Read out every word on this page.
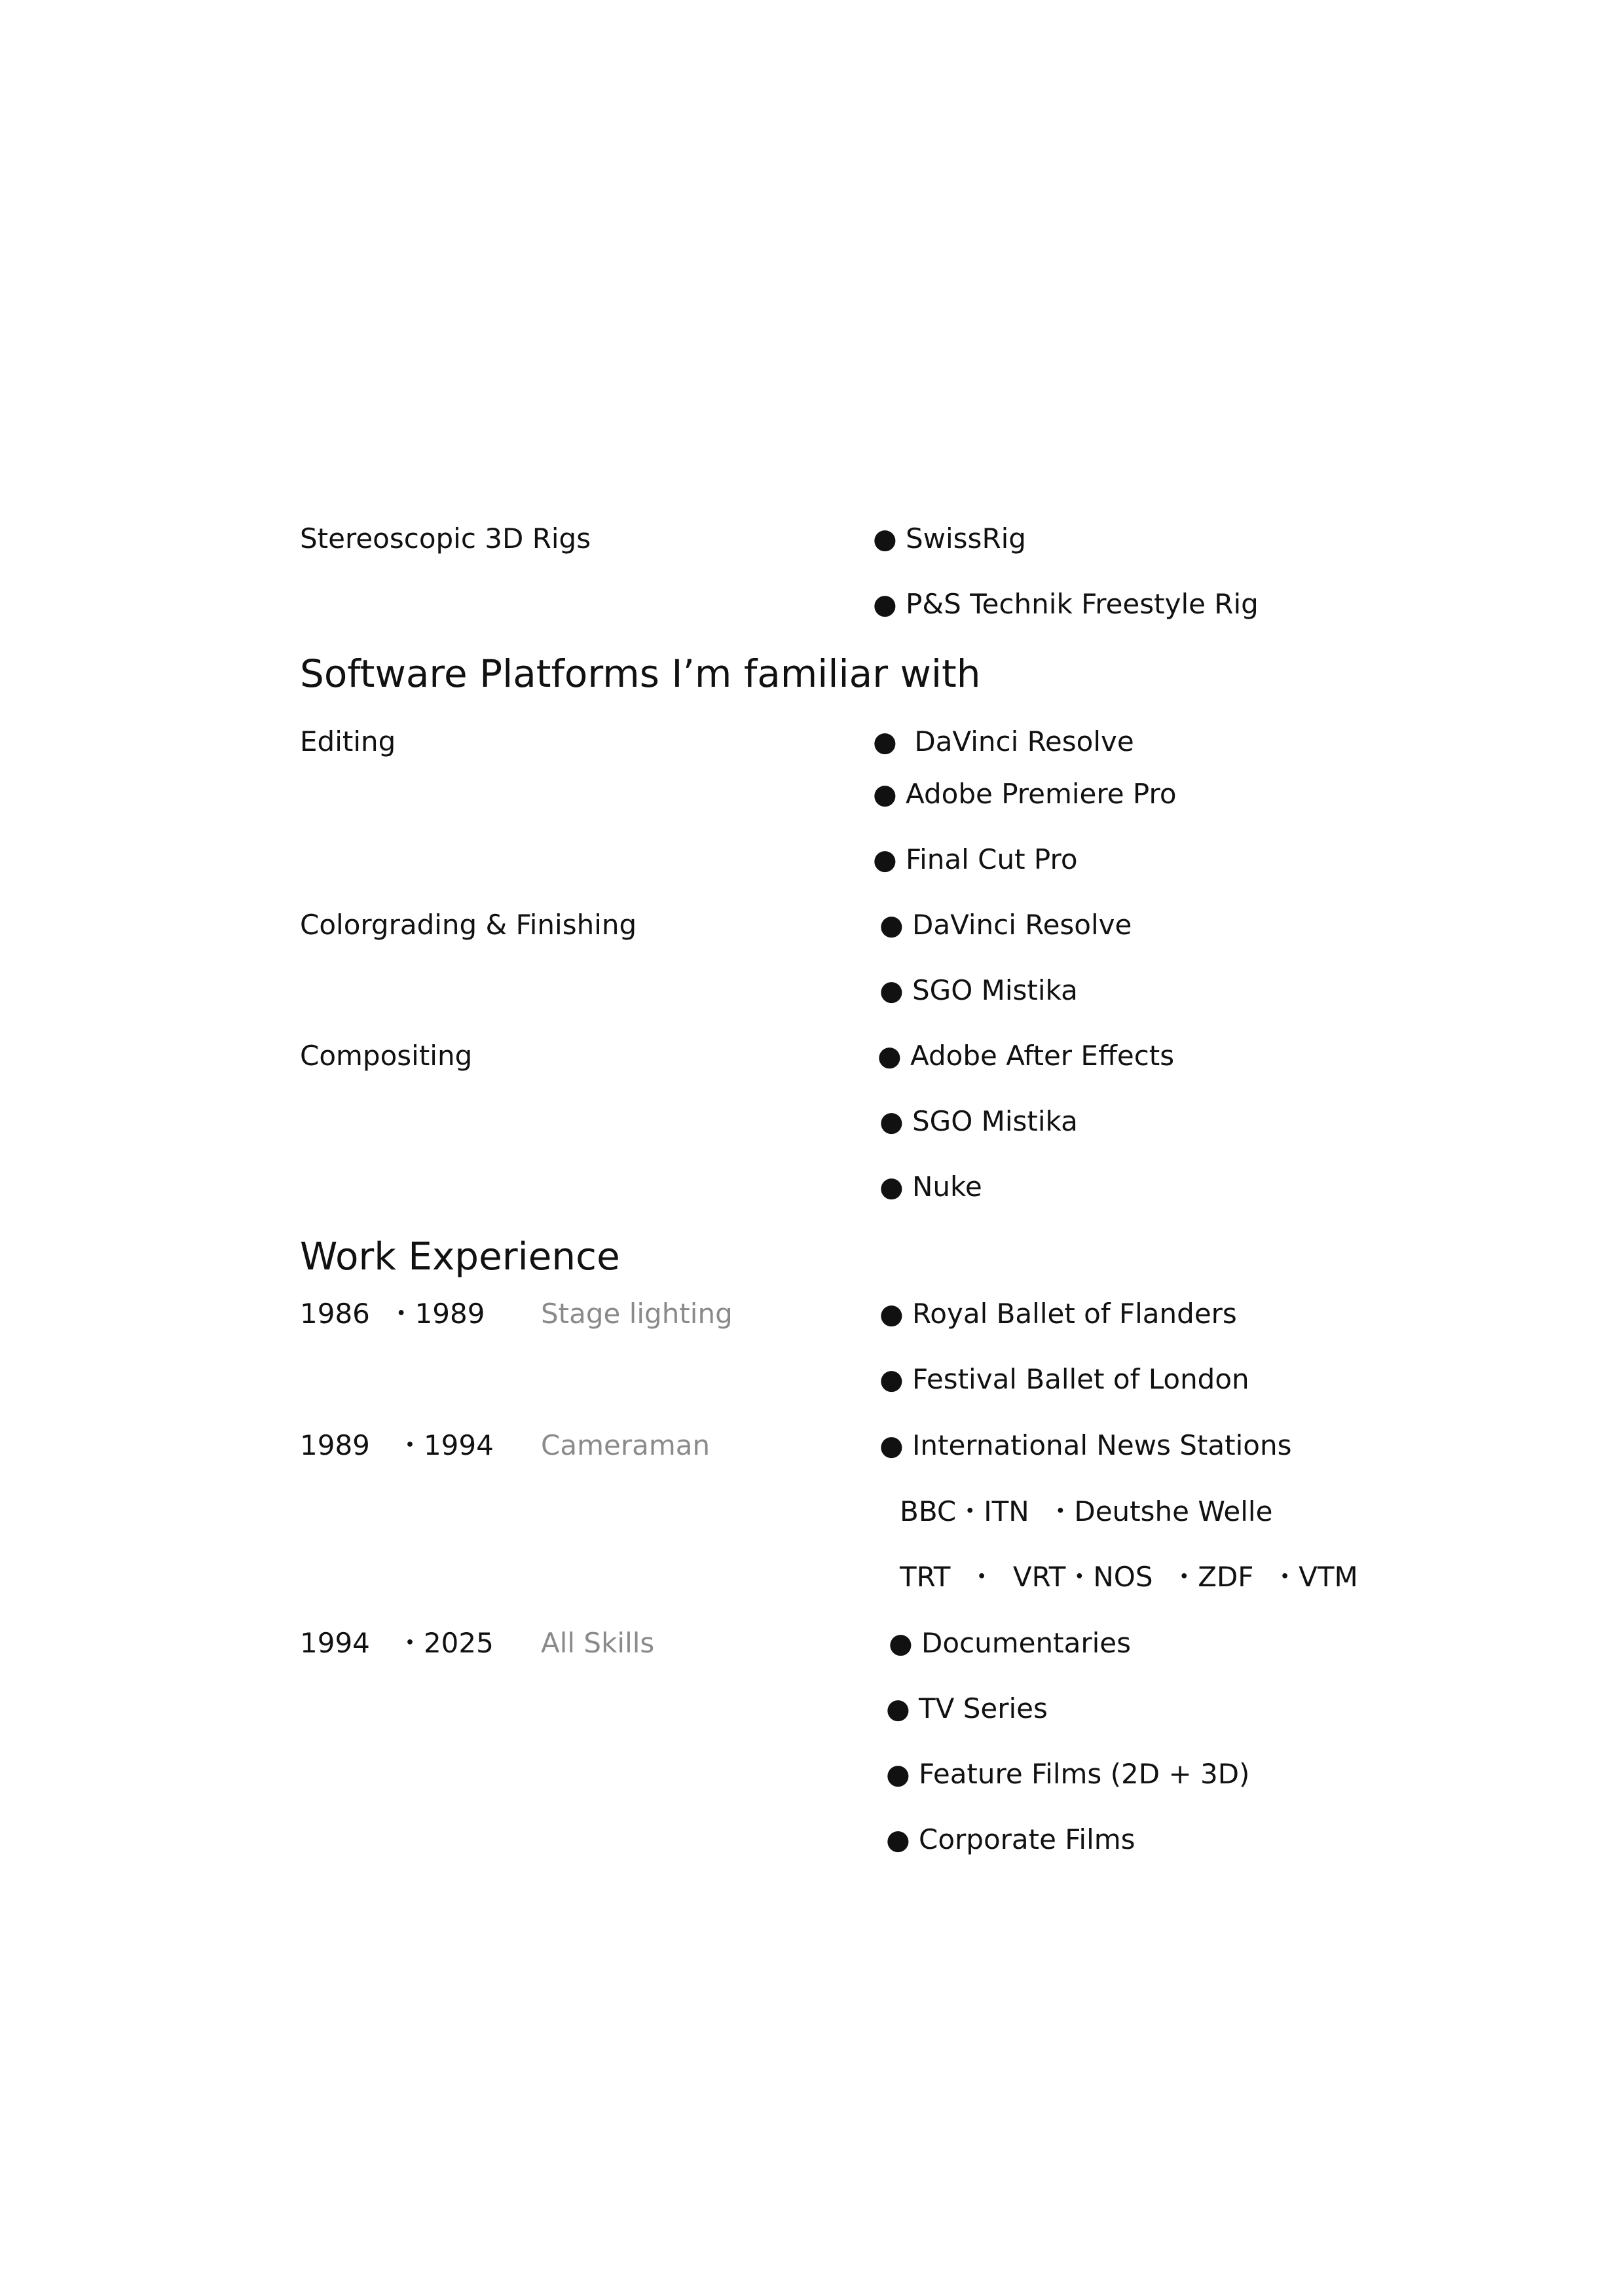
Stereoscopic 3D Rigs	● SwissRig
● P&S Technik Freestyle Rig
Software Platforms I’m familiar with
Editing	●  DaVinci Resolve
● Adobe Premiere Pro
● Final Cut Pro
Colorgrading & Finishing	● DaVinci Resolve
● SGO Mistika
Compositing	● Adobe After Effects
● SGO Mistika
● Nuke
Work Experience
1986  ・1989 Stage lighting	● Royal Ballet of Flanders
● Festival Ballet of London
1989   ・1994 Cameraman	● International News Stations
BBC・ITN  ・Deutshe Welle
TRT  ・  VRT・NOS  ・ZDF  ・VTM
1994   ・2025 All Skills	● Documentaries
● TV Series
● Feature Films (2D + 3D)
● Corporate Films
